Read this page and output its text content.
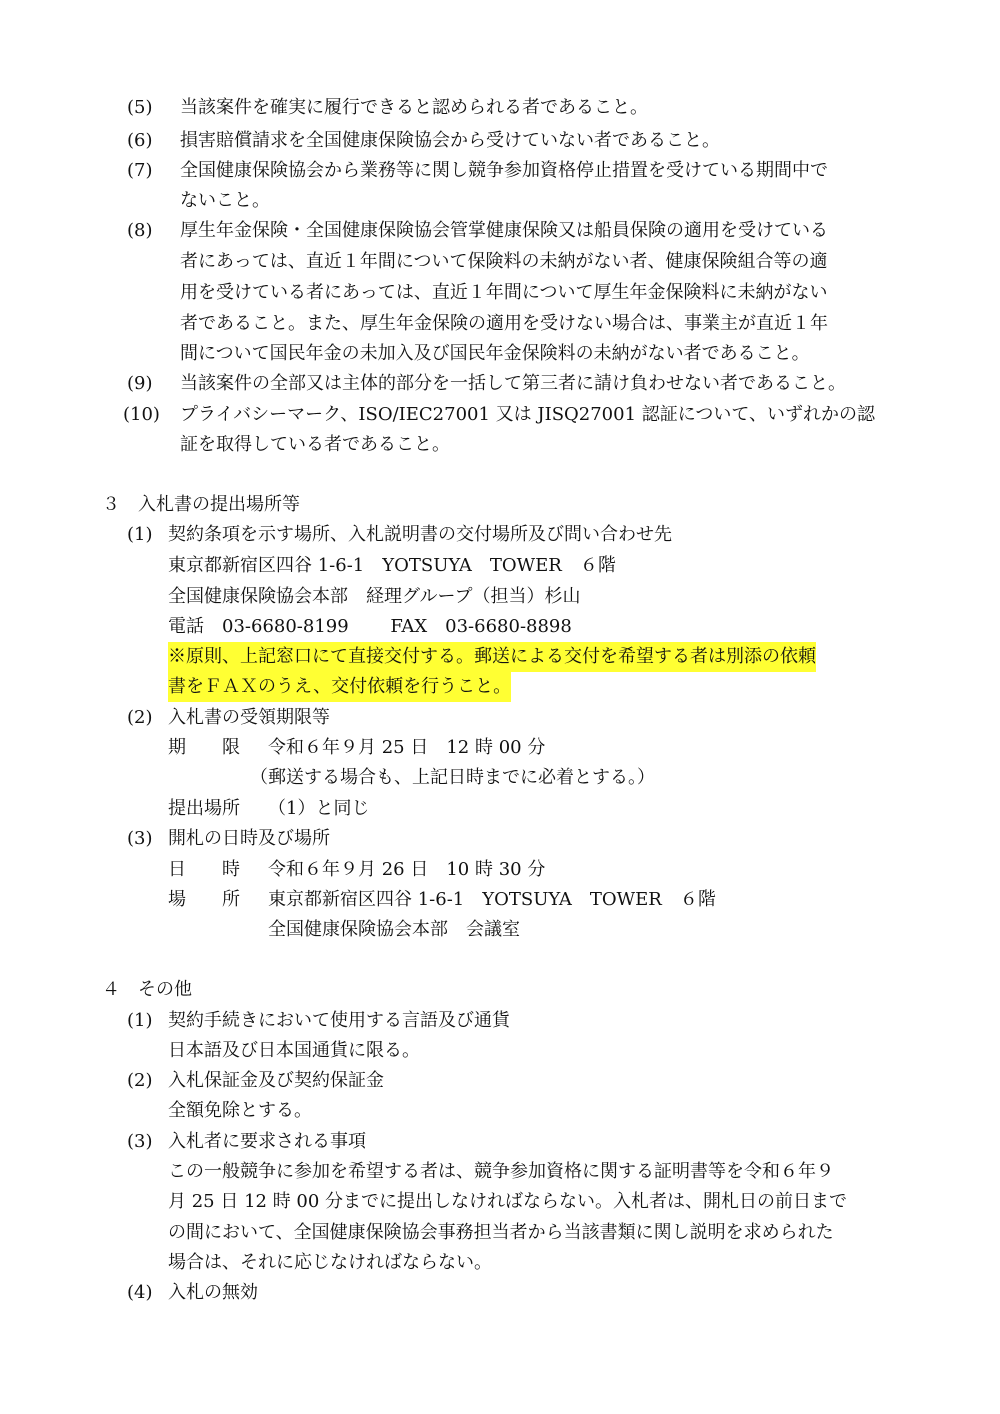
(5) 当該案件を確実に履行できると認められる者であること。
(6) 損害賠償請求を全国健康保険協会から受けていない者であること。
(7) 全国健康保険協会から業務等に関し競争参加資格停止措置を受けている期間中で
ないこと。
(8) 厚生年金保険・全国健康保険協会管掌健康保険又は船員保険の適用を受けている
者にあっては、直近１年間について保険料の未納がない者、健康保険組合等の適
用を受けている者にあっては、直近１年間について厚生年金保険料に未納がない
者であること。また、厚生年金保険の適用を受けない場合は、事業主が直近１年
間について国民年金の未加入及び国民年金保険料の未納がない者であること。
(9) 当該案件の全部又は主体的部分を一括して第三者に請け負わせない者であること。
(10) プライバシーマーク、ISO/IEC27001 又は JISQ27001 認証について、いずれかの認
証を取得している者であること。
３ 入札書の提出場所等
(1) 契約条項を示す場所、入札説明書の交付場所及び問い合わせ先
東京都新宿区四谷 1-6-1　YOTSUYA　TOWER　６階
全国健康保険協会本部　経理グループ（担当）杉山
電話　03-6680-8199　　 FAX　03-6680-8898
※原則、上記窓口にて直接交付する。郵送による交付を希望する者は別添の依頼
書をＦＡＸのうえ、交付依頼を行うこと。
(2) 入札書の受領期限等
期　　限 令和６年９月 25 日　12 時 00 分
（郵送する場合も、上記日時までに必着とする。）
提出場所 （1）と同じ
(3) 開札の日時及び場所
日　　時 令和６年９月 26 日　10 時 30 分
場　　所 東京都新宿区四谷 1-6-1　YOTSUYA　TOWER　６階
全国健康保険協会本部　会議室
４ その他
(1) 契約手続きにおいて使用する言語及び通貨
日本語及び日本国通貨に限る。
(2) 入札保証金及び契約保証金
全額免除とする。
(3) 入札者に要求される事項
この一般競争に参加を希望する者は、競争参加資格に関する証明書等を令和６年９
月 25 日 12 時 00 分までに提出しなければならない。入札者は、開札日の前日まで
の間において、全国健康保険協会事務担当者から当該書類に関し説明を求められた
場合は、それに応じなければならない。
(4) 入札の無効
